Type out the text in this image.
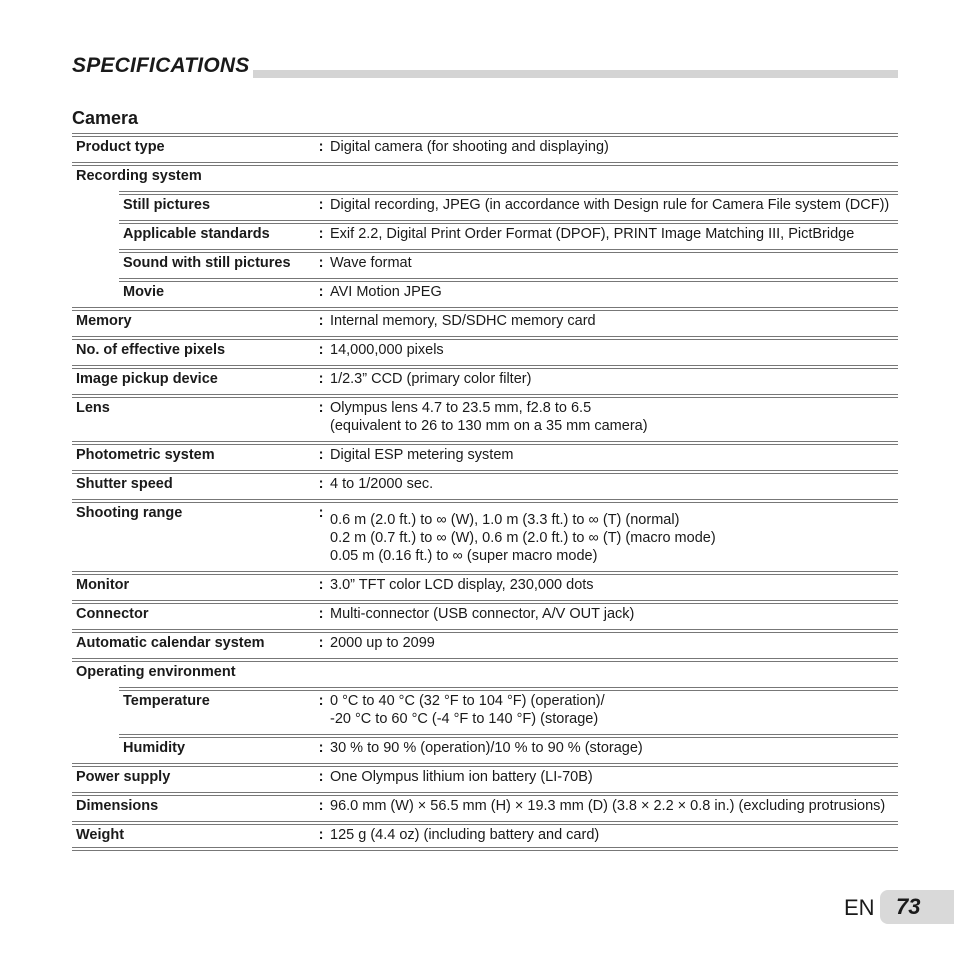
SPECIFICATIONS
Camera
Product type	: Digital camera (for shooting and displaying)
Recording system
Still pictures	: Digital recording, JPEG (in accordance with Design rule for Camera File system (DCF))
Applicable standards	: Exif 2.2, Digital Print Order Format (DPOF), PRINT Image Matching III, PictBridge
Sound with still pictures	: Wave format
Movie	: AVI Motion JPEG
Memory	: Internal memory, SD/SDHC memory card
No. of effective pixels	: 14,000,000 pixels
Image pickup device	: 1/2.3” CCD (primary color filter)
Lens	: Olympus lens 4.7 to 23.5 mm, f2.8 to 6.5
(equivalent to 26 to 130 mm on a 35 mm camera)
Photometric system	: Digital ESP metering system
Shutter speed	: 4 to 1/2000 sec.
Shooting range	: 0.6 m (2.0 ft.) to ∞ (W), 1.0 m (3.3 ft.) to ∞ (T) (normal)
0.2 m (0.7 ft.) to ∞ (W), 0.6 m (2.0 ft.) to ∞ (T) (macro mode)
0.05 m (0.16 ft.) to ∞ (super macro mode)
Monitor	: 3.0” TFT color LCD display, 230,000 dots
Connector	: Multi-connector (USB connector, A/V OUT jack)
Automatic calendar system	: 2000 up to 2099
Operating environment
Temperature	: 0 °C to 40 °C (32 °F to 104 °F) (operation)/
-20 °C to 60 °C (-4 °F to 140 °F) (storage)
Humidity	: 30 % to 90 % (operation)/10 % to 90 % (storage)
Power supply	: One Olympus lithium ion battery (LI-70B)
Dimensions	: 96.0 mm (W) × 56.5 mm (H) × 19.3 mm (D) (3.8 × 2.2 × 0.8 in.) (excluding protrusions)
Weight	: 125 g (4.4 oz) (including battery and card)
EN 73
